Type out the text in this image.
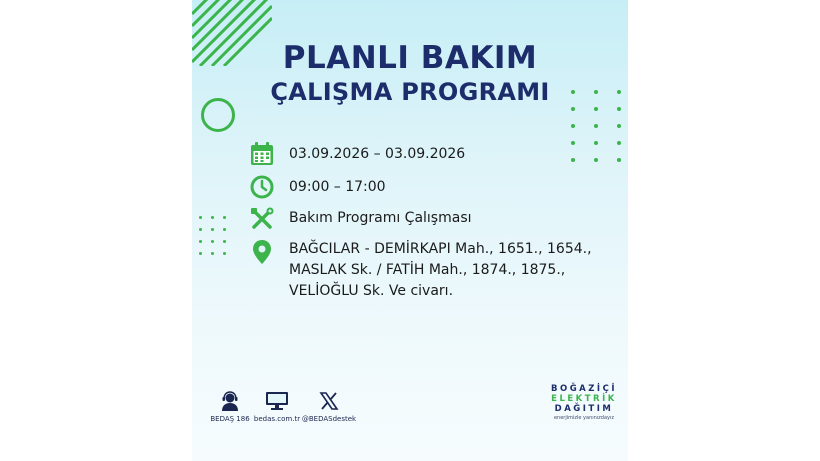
PLANLI BAKIM
ÇALIŞMA PROGRAMI
03.09.2026 – 03.09.2026
09:00 – 17:00
Bakım Programı Çalışması
BAĞCILAR - DEMİRKAPI Mah., 1651., 1654.,
MASLAK Sk. / FATİH Mah., 1874., 1875.,
VELİOĞLU Sk. Ve civarı.
BEDAŞ 186 bedas.com.tr @BEDASdestek
BOĞAZİÇİ
ELEKTRİK
DAĞITIM
enerjimizle yanınızdayız
